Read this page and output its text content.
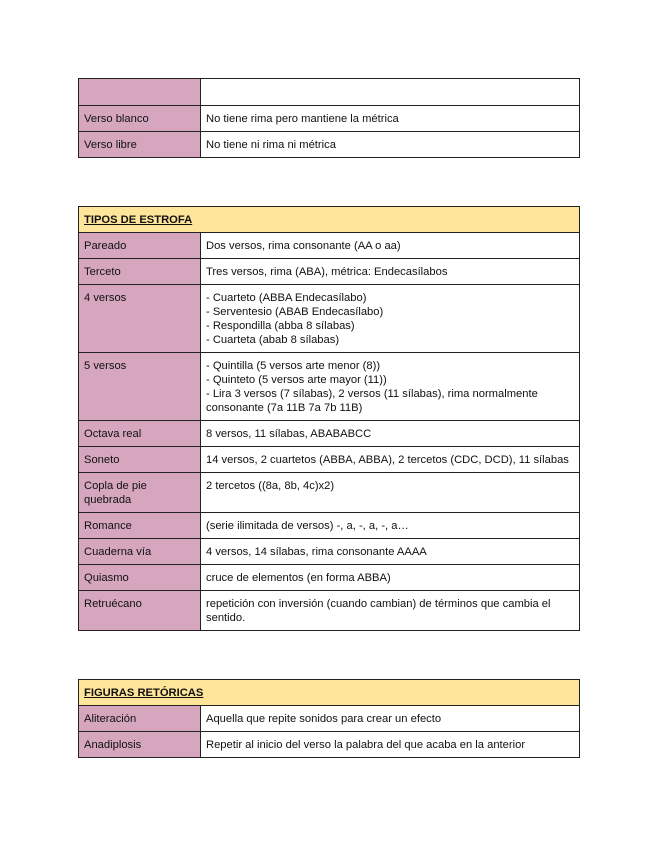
Verso blanco	No tiene rima pero mantiene la métrica
Verso libre	No tiene ni rima ni métrica
TIPOS DE ESTROFA	
Pareado	Dos versos, rima consonante (AA o aa)

Terceto	Tres versos, rima (ABA), métrica: Endecasílabos

4 versos	- Cuarteto (ABBA Endecasílabo)
- Serventesio (ABAB Endecasílabo)
- Respondilla (abba 8 sílabas)
- Cuarteta (abab 8 sílabas)

5 versos	- Quintilla (5 versos arte menor (8))
- Quinteto (5 versos arte mayor (11))
- Lira 3 versos (7 sílabas), 2 versos (11 sílabas), rima normalmente consonante (7a 11B 7a 7b 11B)

Octava real	8 versos, 11 sílabas, ABABABCC

Soneto	14 versos, 2 cuartetos (ABBA, ABBA), 2 tercetos (CDC, DCD), 11 sílabas

Copla de pie quebrada	2 tercetos ((8a, 8b, 4c)x2)

Romance	(serie ilimitada de versos) -, a, -, a, -, a…

Cuaderna vía	4 versos, 14 sílabas, rima consonante AAAA

Quiasmo	cruce de elementos (en forma ABBA)

Retruécano	repetición con inversión (cuando cambian) de términos que cambia el sentido.
FIGURAS RETÓRICAS	
Aliteración	Aquella que repite sonidos para crear un efecto
Anadiplosis	Repetir al inicio del verso la palabra del que acaba en la anterior
